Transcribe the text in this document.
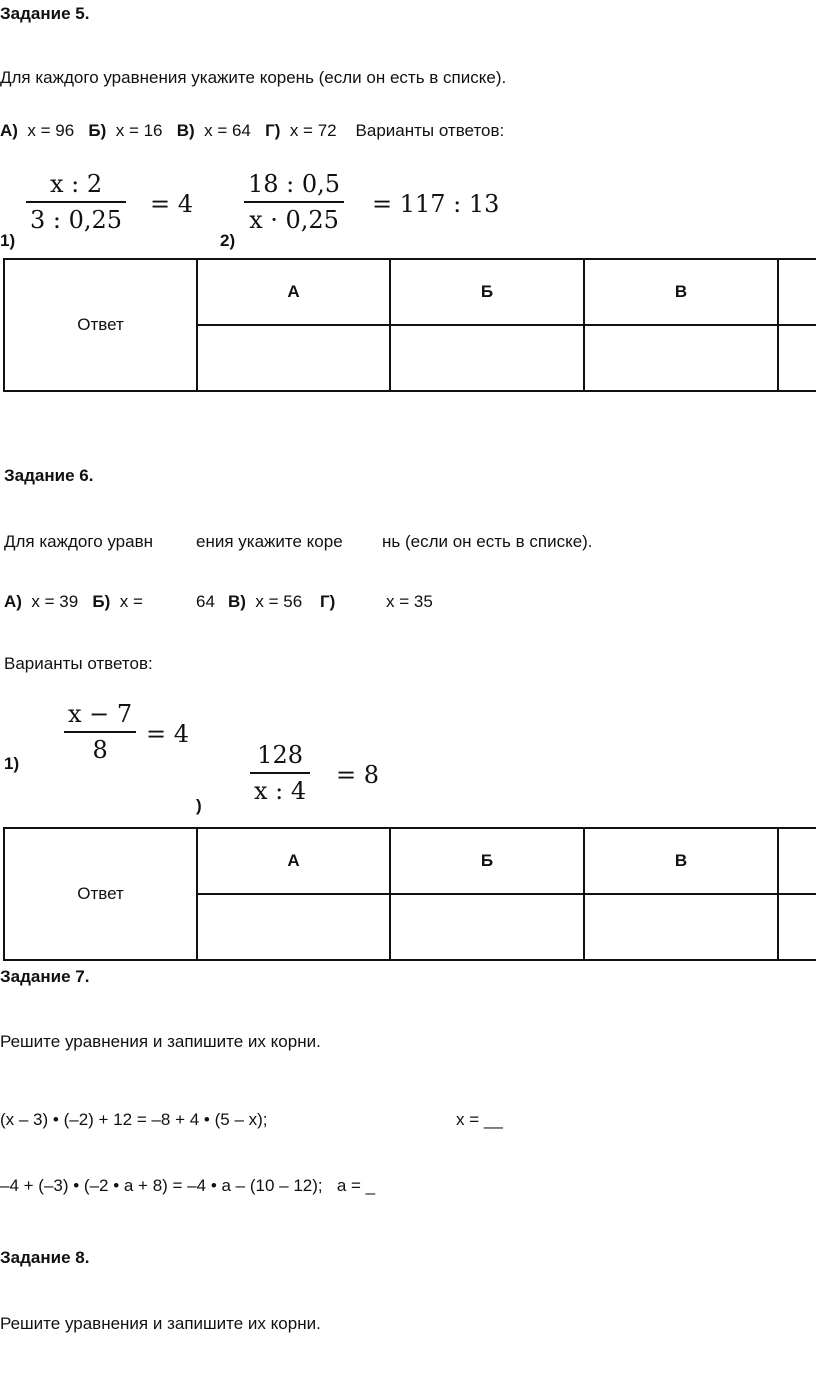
Задание 5.
Для каждого уравнения укажите корень (если он есть в списке).
А) x = 96 Б) x = 16 В) x = 64 Г) x = 72 Варианты ответов:
1)
x : 2
3 : 0,25
= 4
2)
18 : 0,5
x · 0,25
= 117 : 13
Ответ	А	Б	В	

Задание 6.
Для каждого уравн	ения укажите коре нь (если он есть в списке).
А) x = 39 Б) x =	64 В) x = 56 Г)	x = 35
Варианты ответов:
1)
x − 7
8
= 4
)
128
x : 4
= 8
Ответ	А	Б	В	

Задание 7.
Решите уравнения и запишите их корни.
(x – 3) • (–2) + 12 = –8 + 4 • (5 – x);	x = __
–4 + (–3) • (–2 • a + 8) = –4 • a – (10 – 12); a = _
Задание 8.
Решите уравнения и запишите их корни.
